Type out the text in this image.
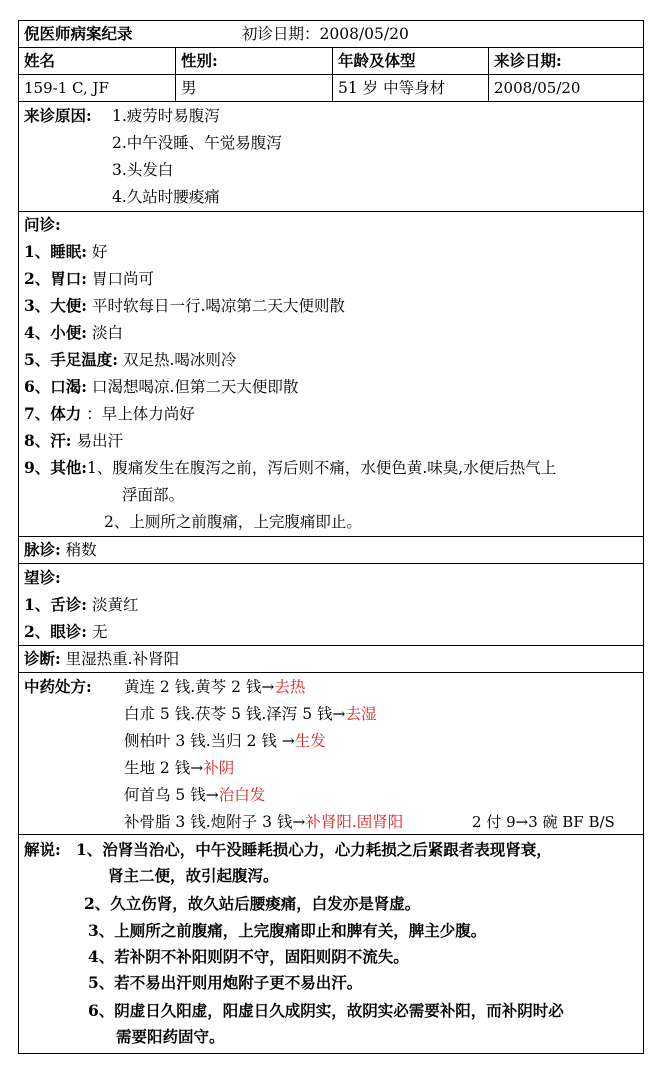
倪医师病案纪录	初诊日期：2008/05/20
姓名	性别:	年龄及体型	来诊日期:
159-1 C, JF	男	51 岁 中等身材	2008/05/20
来诊原因: 1.疲劳时易腹泻
2.中午没睡、午觉易腹泻
3.头发白
4.久站时腰痠痛
问诊:
1、睡眠: 好
2、胃口: 胃口尚可
3、大便: 平时软每日一行.喝凉第二天大便则散
4、小便: 淡白
5、手足温度: 双足热.喝冰则冷
6、口渴: 口渴想喝凉.但第二天大便即散
7、体力 ：早上体力尚好
8、汗: 易出汗
9、其他:1、腹痛发生在腹泻之前，泻后则不痛，水便色黄.味臭,水便后热气上
浮面部。
2、上厕所之前腹痛，上完腹痛即止。
脉诊: 稍数
望诊:
1、舌诊: 淡黄红
2、眼诊: 无
诊断: 里湿热重.补肾阳
中药处方: 黄连 2 钱.黄芩 2 钱→去热
白朮 5 钱.茯苓 5 钱.泽泻 5 钱→去湿
侧柏叶 3 钱.当归 2 钱 →生发
生地 2 钱→补阴
何首乌 5 钱→治白发
补骨脂 3 钱.炮附子 3 钱→补肾阳.固肾阳	2 付 9→3 碗 BF B/S
解说: 1、治肾当治心，中午没睡耗损心力，心力耗损之后紧跟者表现肾衰，
肾主二便，故引起腹泻。
2、久立伤肾，故久站后腰痠痛，白发亦是肾虚。
3、上厕所之前腹痛，上完腹痛即止和脾有关，脾主少腹。
4、若补阴不补阳则阴不守，固阳则阴不流失。
5、若不易出汗则用炮附子更不易出汗。
6、阴虚日久阳虚，阳虚日久成阴实，故阴实必需要补阳，而补阴时必
需要阳药固守。
